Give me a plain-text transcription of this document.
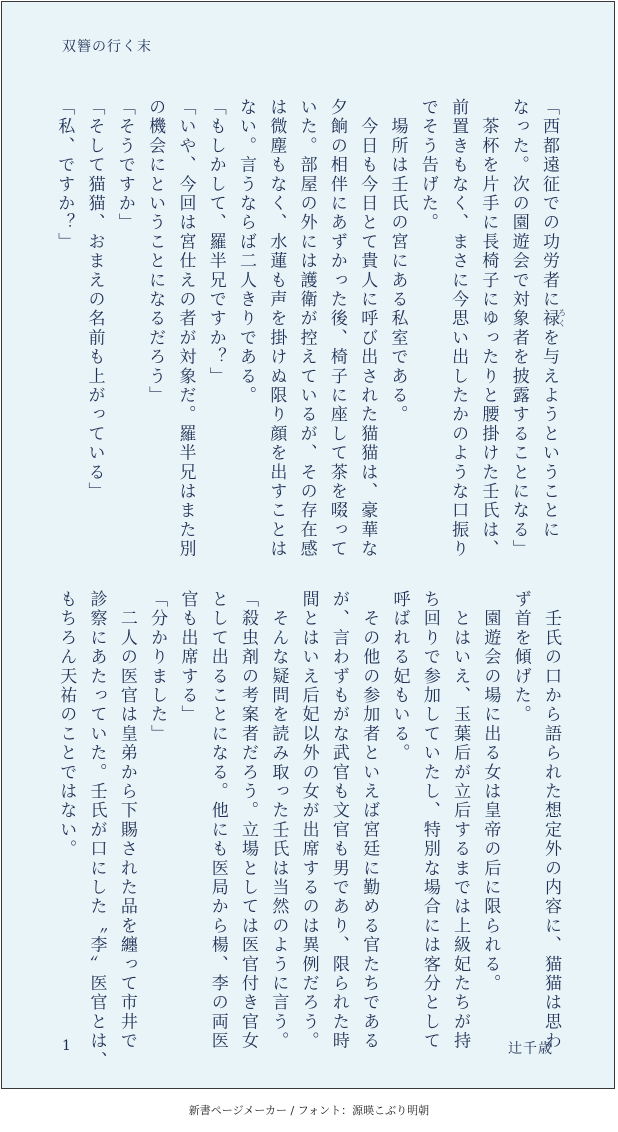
双簪の行く末
「西都遠征での功労者に禄ろくを与えようということに
なった。次の園遊会で対象者を披露することになる」
　茶杯を片手に長椅子にゆったりと腰掛けた壬氏は、
前置きもなく、まさに今思い出したかのような口振り
でそう告げた。
　場所は壬氏の宮にある私室である。
　今日も今日とて貴人に呼び出された猫猫は、豪華な
夕餉の相伴にあずかった後、椅子に座して茶を啜って
いた。部屋の外には護衛が控えているが、その存在感
は微塵もなく、水蓮も声を掛けぬ限り顔を出すことは
ない。言うならば二人きりである。
「もしかして、羅半兄ですか？」
「いや、今回は宮仕えの者が対象だ。羅半兄はまた別
の機会にということになるだろう」
「そうですか」
「そして猫猫、おまえの名前も上がっている」
「私、ですか？」
　壬氏の口から語られた想定外の内容に、猫猫は思わ
ず首を傾げた。
　園遊会の場に出る女は皇帝の后に限られる。
　とはいえ、玉葉后が立后するまでは上級妃たちが持
ち回りで参加していたし、特別な場合には客分として
呼ばれる妃もいる。
　その他の参加者といえば宮廷に勤める官たちである
が、言わずもがな武官も文官も男であり、限られた時
間とはいえ后妃以外の女が出席するのは異例だろう。
　そんな疑問を読み取った壬氏は当然のように言う。
「殺虫剤の考案者だろう。立場としては医官付き官女
として出ることになる。他にも医局から楊、李の両医
官も出席する」
「分かりました」
　二人の医官は皇弟から下賜された品を纏って市井で
診察にあたっていた。壬氏が口にした〝李〟医官とは、
もちろん天祐のことではない。
1	辻千歳
新書ページメーカー / フォント：源暎こぶり明朝
